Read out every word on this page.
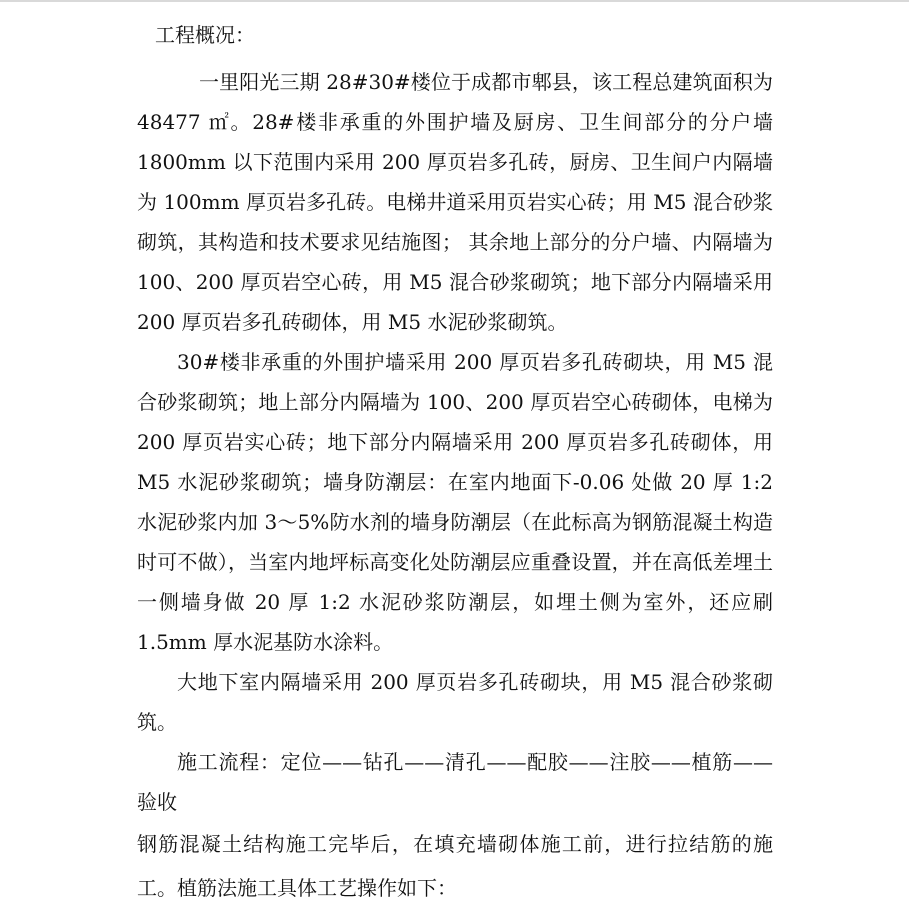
工程概况：

一里阳光三期 28#30#楼位于成都市郫县，该工程总建筑面积为 48477 ㎡。28#楼非承重的外围护墙及厨房、卫生间部分的分户墙 1800mm 以下范围内采用 200 厚页岩多孔砖，厨房、卫生间户内隔墙为 100mm 厚页岩多孔砖。电梯井道采用页岩实心砖；用 M5 混合砂浆砌筑，其构造和技术要求见结施图； 其余地上部分的分户墙、内隔墙为 100、200 厚页岩空心砖，用 M5 混合砂浆砌筑；地下部分内隔墙采用 200 厚页岩多孔砖砌体，用 M5 水泥砂浆砌筑。

30#楼非承重的外围护墙采用 200 厚页岩多孔砖砌块，用 M5 混合砂浆砌筑；地上部分内隔墙为 100、200 厚页岩空心砖砌体，电梯为 200 厚页岩实心砖；地下部分内隔墙采用 200 厚页岩多孔砖砌体，用 M5 水泥砂浆砌筑；墙身防潮层：在室内地面下-0.06 处做 20 厚 1:2 水泥砂浆内加 3～5%防水剂的墙身防潮层（在此标高为钢筋混凝土构造时可不做），当室内地坪标高变化处防潮层应重叠设置，并在高低差埋土一侧墙身做 20 厚 1:2 水泥砂浆防潮层，如埋土侧为室外，还应刷 1.5mm 厚水泥基防水涂料。

大地下室内隔墙采用 200 厚页岩多孔砖砌块，用 M5 混合砂浆砌筑。

施工流程：定位——钻孔——清孔——配胶——注胶——植筋——验收

钢筋混凝土结构施工完毕后，在填充墙砌体施工前，进行拉结筋的施工。植筋法施工具体工艺操作如下：
